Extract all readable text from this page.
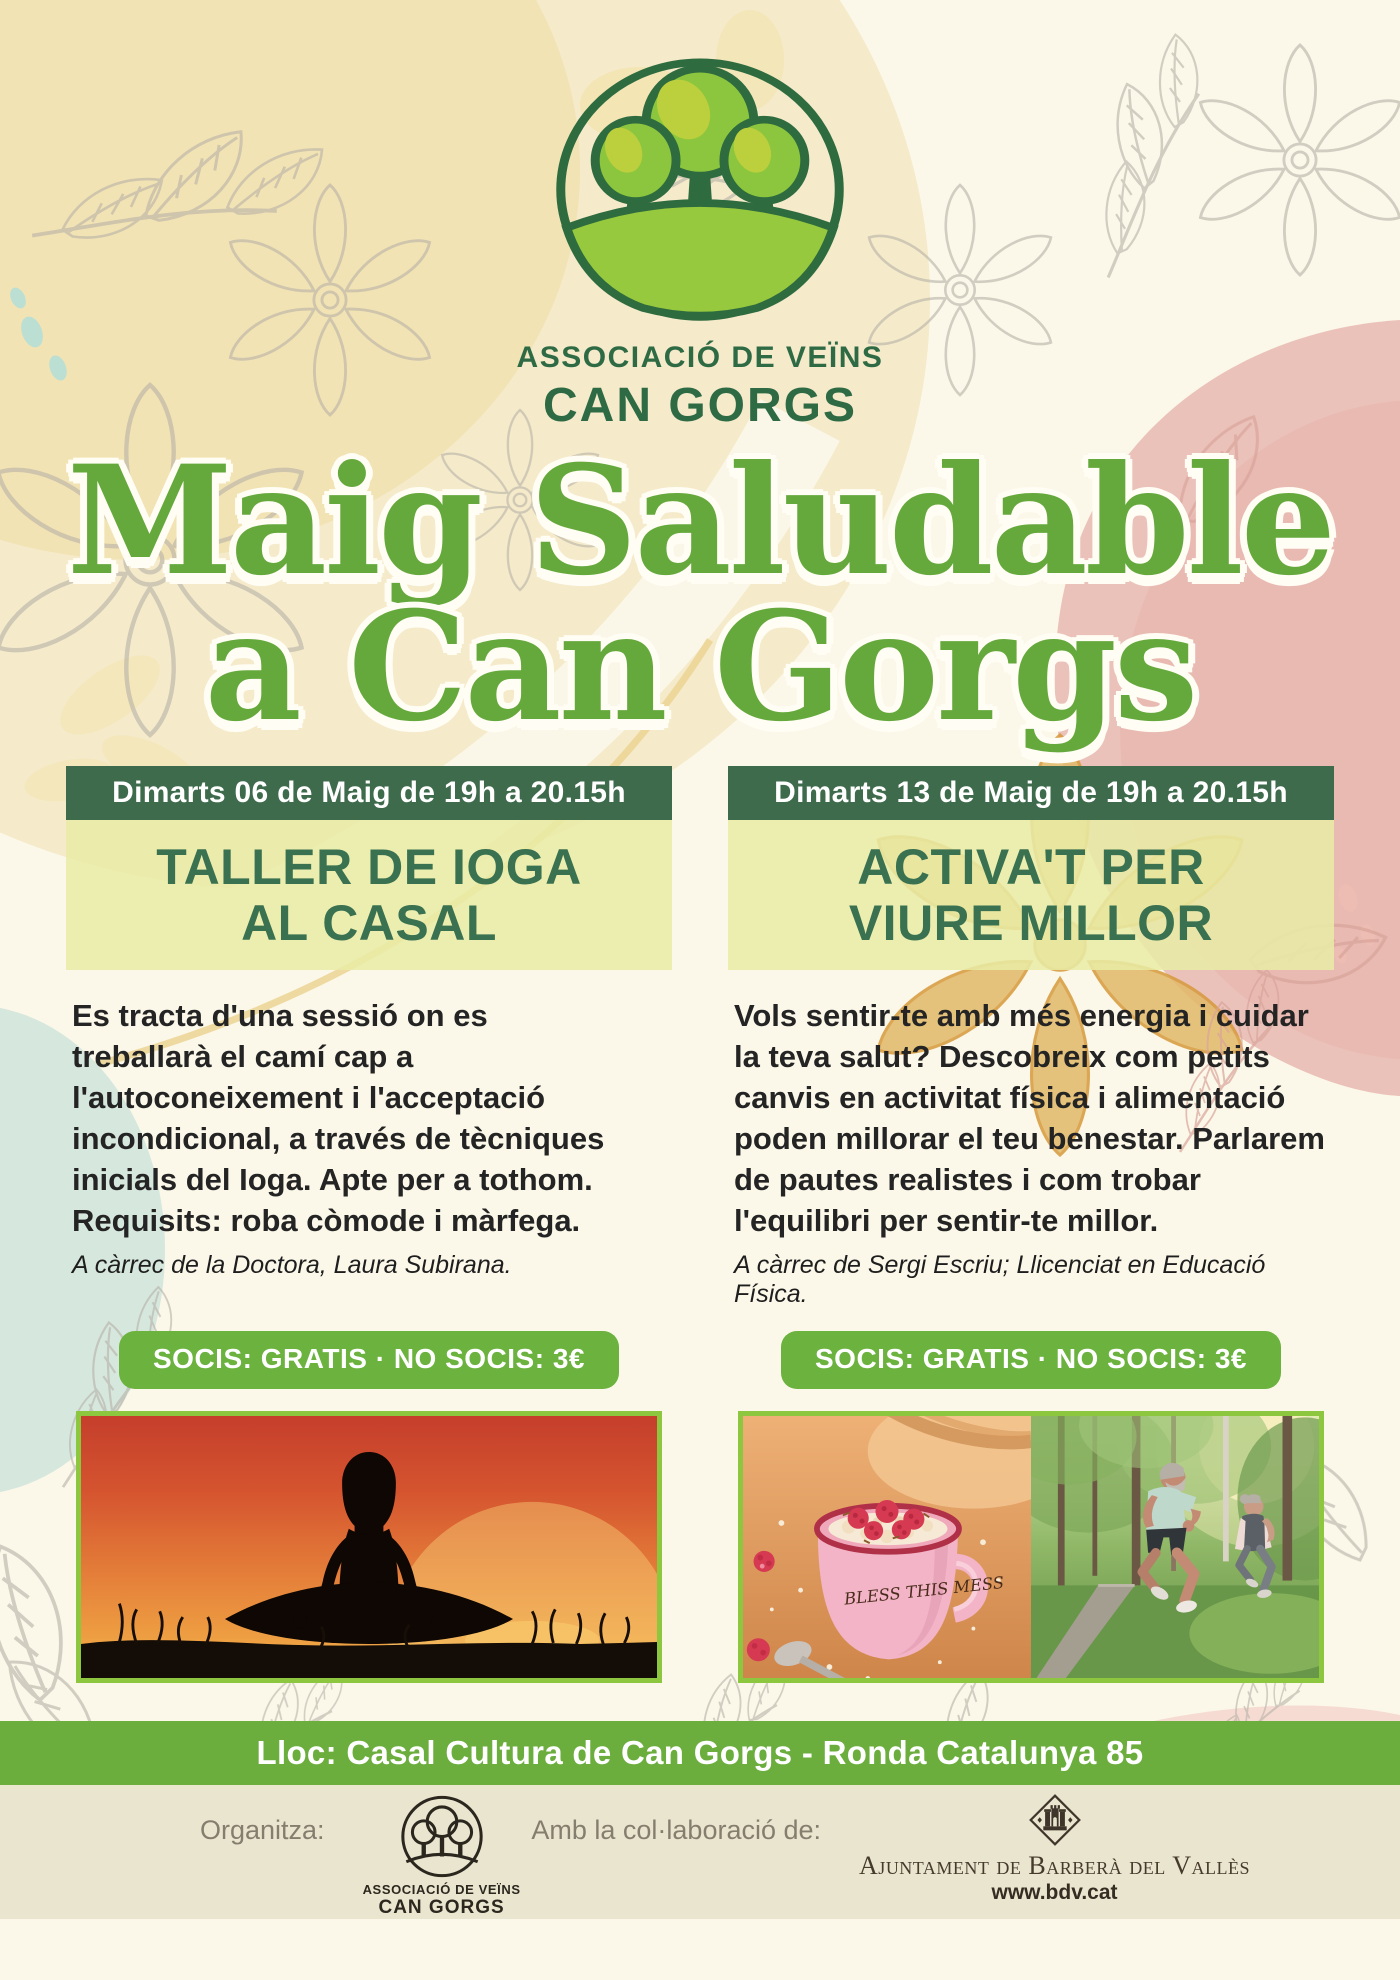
ASSOCIACIÓ DE VEÏNS
CAN GORGS
Maig Saludable
a Can Gorgs
Dimarts 06 de Maig de 19h a 20.15h
TALLER DE IOGA
AL CASAL

Es tracta d'una sessió on es treballarà el camí cap a l'autoconeixement i l'acceptació incondicional, a través de tècniques inicials del Ioga. Apte per a tothom. Requisits: roba còmode i màrfega.

A càrrec de la Doctora, Laura Subirana.

SOCIS: GRATIS · NO SOCIS: 3€
Dimarts 13 de Maig de 19h a 20.15h
ACTIVA'T PER
VIURE MILLOR

Vols sentir-te amb més energia i cuidar la teva salut? Descobreix com petits canvis en activitat física i alimentació poden millorar el teu benestar. Parlarem de pautes realistes i com trobar l'equilibri per sentir-te millor.

A càrrec de Sergi Escriu; Llicenciat en Educació Física.

SOCIS: GRATIS · NO SOCIS: 3€
BLESS THIS MESS
Lloc: Casal Cultura de Can Gorgs - Ronda Catalunya 85
Organitza:
ASSOCIACIÓ DE VEÏNS
CAN GORGS
Amb la col·laboració de:
Ajuntament de Barberà del Vallès
www.bdv.cat
